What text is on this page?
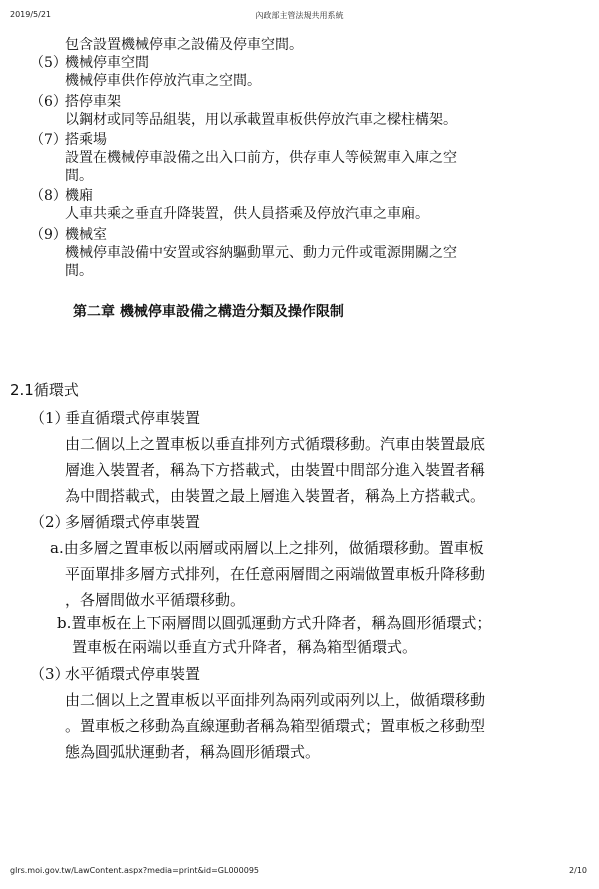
2019/5/21	內政部主管法規共用系統
包含設置機械停車之設備及停車空間。
（5）
機械停車空間
機械停車供作停放汽車之空間。
（6）
搭停車架
以鋼材或同等品組裝，用以承載置車板供停放汽車之樑柱構架。
（7）
搭乘場
設置在機械停車設備之出入口前方，供存車人等候駕車入庫之空
間。
（8）
機廂
人車共乘之垂直升降裝置，供人員搭乘及停放汽車之車廂。
（9）
機械室
機械停車設備中安置或容納驅動單元、動力元件或電源開關之空
間。
第二章 機械停車設備之構造分類及操作限制
2.1循環式
（1）
垂直循環式停車裝置
由二個以上之置車板以垂直排列方式循環移動。汽車由裝置最底
層進入裝置者，稱為下方搭載式，由裝置中間部分進入裝置者稱
為中間搭載式，由裝置之最上層進入裝置者，稱為上方搭載式。
（2）
多層循環式停車裝置
a.由多層之置車板以兩層或兩層以上之排列，做循環移動。置車板
平面單排多層方式排列，在任意兩層間之兩端做置車板升降移動
，各層間做水平循環移動。
b.置車板在上下兩層間以圓弧運動方式升降者，稱為圓形循環式；
置車板在兩端以垂直方式升降者，稱為箱型循環式。
（3）
水平循環式停車裝置
由二個以上之置車板以平面排列為兩列或兩列以上，做循環移動
。置車板之移動為直線運動者稱為箱型循環式；置車板之移動型
態為圓弧狀運動者，稱為圓形循環式。
glrs.moi.gov.tw/LawContent.aspx?media=print&id=GL000095	2/10
